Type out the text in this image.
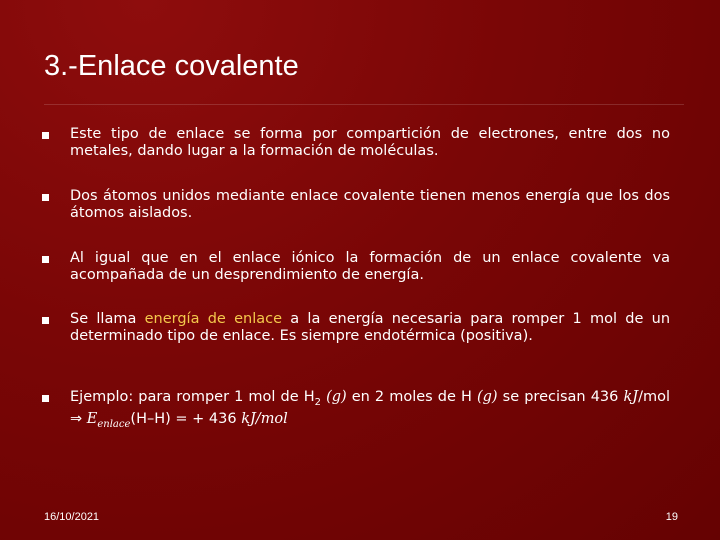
3.-Enlace covalente
Este tipo de enlace se forma por compartición de electrones, entre dos no metales, dando lugar a la formación de moléculas.
Dos átomos unidos mediante enlace covalente tienen menos energía que los dos átomos aislados.
Al igual que en el enlace iónico la formación de un enlace covalente va acompañada de un desprendimiento de energía.
Se llama energía de enlace a la energía necesaria para romper 1 mol de un determinado tipo de enlace. Es siempre endotérmica (positiva).
Ejemplo: para romper 1 mol de $H_2$ (g) en 2 moles de H (g) se precisan 436 kJ/mol ⇒ $E_{enlace}(H-H)$ = + 436 kJ/mol
16/10/2021	19
